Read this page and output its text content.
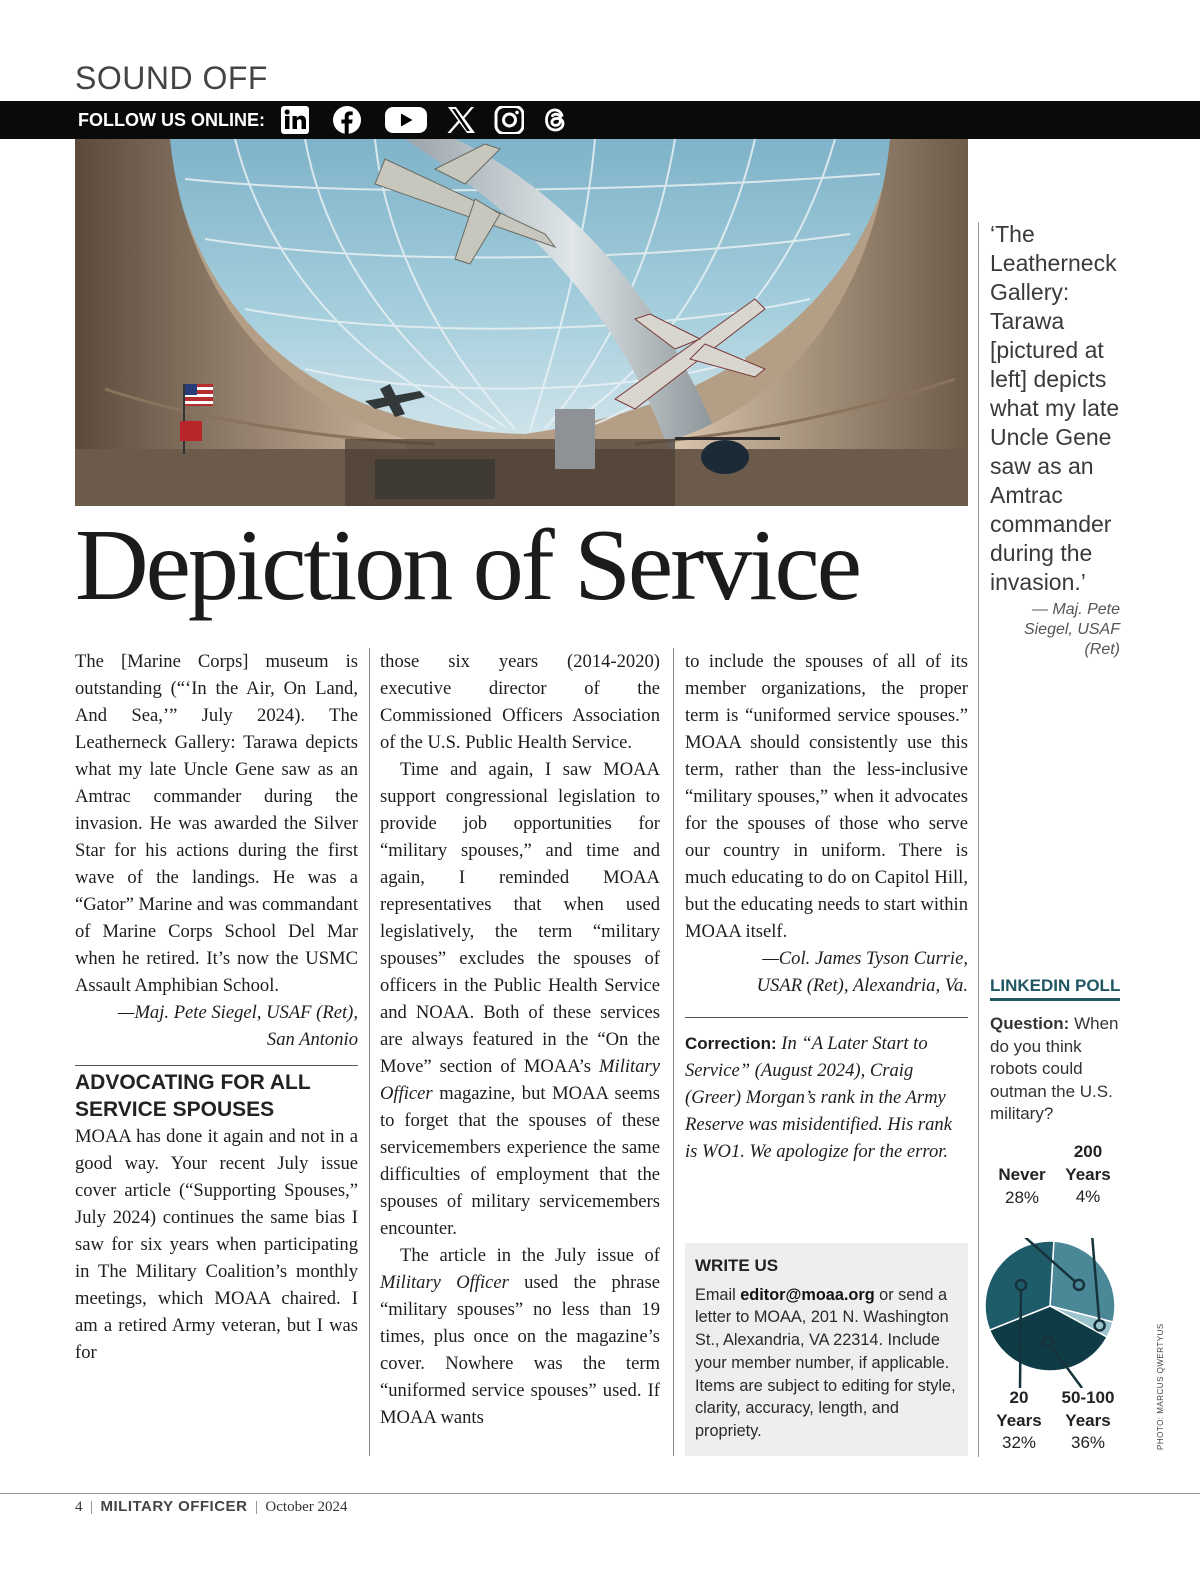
SOUND OFF
FOLLOW US ONLINE:
Depiction of Service

The [Marine Corps] museum is outstanding (“‘In the Air, On Land, And Sea,’” July 2024). The Leatherneck Gallery: Tarawa depicts what my late Uncle Gene saw as an Amtrac commander during the invasion. He was awarded the Silver Star for his actions during the first wave of the landings. He was a “Gator” Marine and was commandant of Marine Corps School Del Mar when he retired. It’s now the USMC Assault Amphibian School.

—Maj. Pete Siegel, USAF (Ret),
San Antonio

ADVOCATING FOR ALL SERVICE SPOUSES

MOAA has done it again and not in a good way. Your recent July issue cover article (“Supporting Spouses,” July 2024) continues the same bias I saw for six years when participating in The Military Coalition’s monthly meetings, which MOAA chaired. I am a retired Army veteran, but I was for

those six years (2014-2020) executive director of the Commissioned Officers Association of the U.S. Public Health Service.

Time and again, I saw MOAA support congressional legislation to provide job opportunities for “military spouses,” and time and again, I reminded MOAA representatives that when used legislatively, the term “military spouses” excludes the spouses of officers in the Public Health Service and NOAA. Both of these services are always featured in the “On the Move” section of MOAA’s Military Officer magazine, but MOAA seems to forget that the spouses of these servicemembers experience the same difficulties of employment that the spouses of military servicemembers encounter.

The article in the July issue of Military Officer used the phrase “military spouses” no less than 19 times, plus once on the magazine’s cover. Nowhere was the term “uniformed service spouses” used. If MOAA wants

to include the spouses of all of its member organizations, the proper term is “uniformed service spouses.” MOAA should consistently use this term, rather than the less-inclusive “military spouses,” when it advocates for the spouses of those who serve our country in uniform. There is much educating to do on Capitol Hill, but the educating needs to start within MOAA itself.

—Col. James Tyson Currie,
USAR (Ret), Alexandria, Va.

Correction: In “A Later Start to Service” (August 2024), Craig (Greer) Morgan’s rank in the Army Reserve was misidentified. His rank is WO1. We apologize for the error.
WRITE US
Email editor@moaa.org or send a letter to MOAA, 201 N. Washington St., Alexandria, VA 22314. Include your member number, if applicable. Items are subject to editing for style, clarity, accuracy, length, and propriety.
‘The Leatherneck Gallery: Tarawa [pictured at left] depicts what my late Uncle Gene saw as an Amtrac commander during the invasion.’
— Maj. Pete Siegel, USAF (Ret)
LINKEDIN POLL
Question: When do you think robots could outman the U.S. military?
Never
28%
200
Years
4%
20
Years
32%
50-100
Years
36%	PHOTO: MARCUS QWERTYUS
4  |  MILITARY OFFICER  |  October 2024
